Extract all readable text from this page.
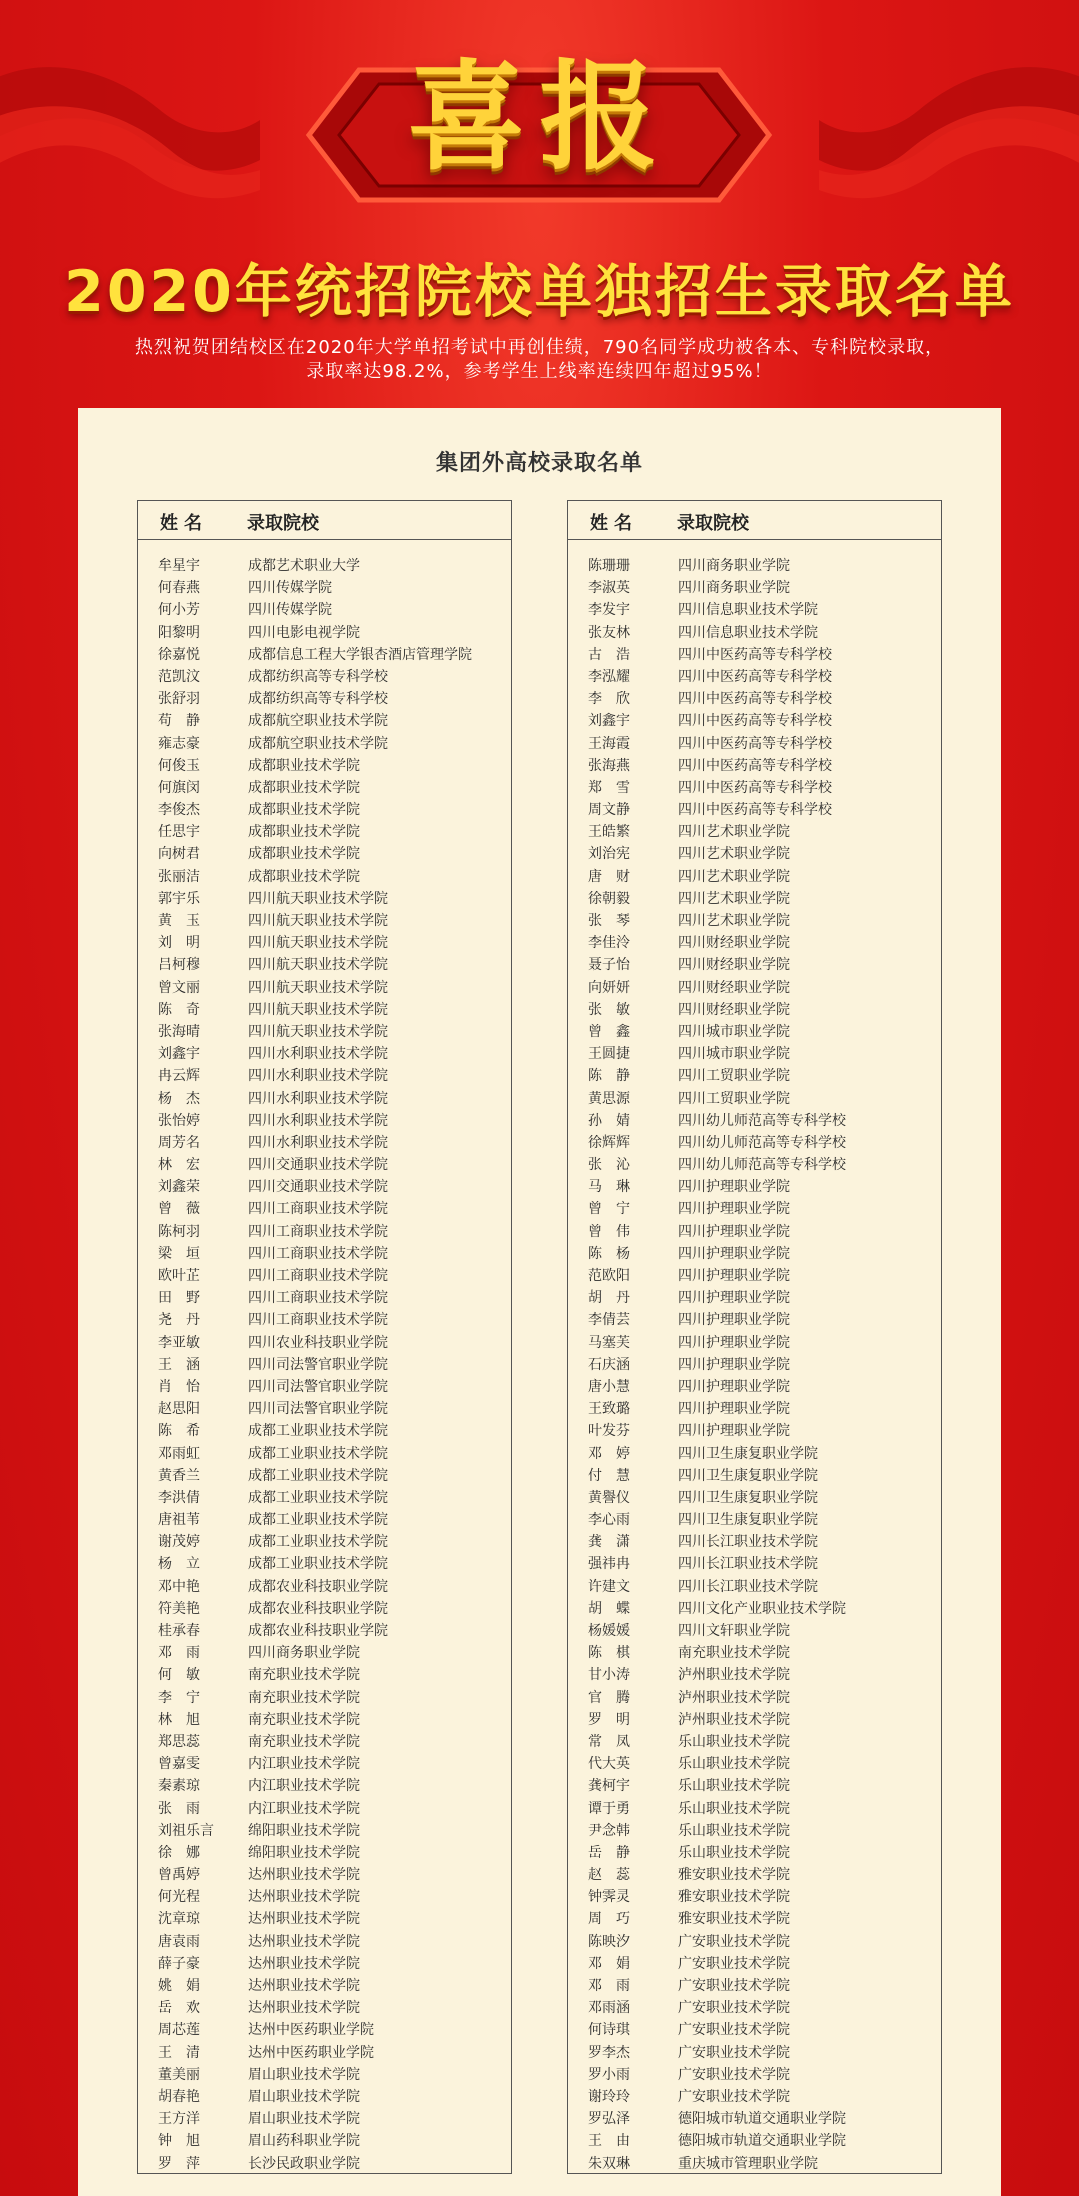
喜报
2020年统招院校单独招生录取名单
热烈祝贺团结校区在2020年大学单招考试中再创佳绩，790名同学成功被各本、专科院校录取，
录取率达98.2%，参考学生上线率连续四年超过95%！
集团外高校录取名单
姓名 录取院校
牟星宇	成都艺术职业大学
何春燕	四川传媒学院
何小芳	四川传媒学院
阳黎明	四川电影电视学院
徐嘉悦	成都信息工程大学银杏酒店管理学院
范凯汶	成都纺织高等专科学校
张舒羽	成都纺织高等专科学校
苟　静	成都航空职业技术学院
雍志豪	成都航空职业技术学院
何俊玉	成都职业技术学院
何旗闵	成都职业技术学院
李俊杰	成都职业技术学院
任思宇	成都职业技术学院
向树君	成都职业技术学院
张丽洁	成都职业技术学院
郭宇乐	四川航天职业技术学院
黄　玉	四川航天职业技术学院
刘　明	四川航天职业技术学院
吕柯穆	四川航天职业技术学院
曾文丽	四川航天职业技术学院
陈　奇	四川航天职业技术学院
张海晴	四川航天职业技术学院
刘鑫宇	四川水利职业技术学院
冉云辉	四川水利职业技术学院
杨　杰	四川水利职业技术学院
张怡婷	四川水利职业技术学院
周芳名	四川水利职业技术学院
林　宏	四川交通职业技术学院
刘鑫荣	四川交通职业技术学院
曾　薇	四川工商职业技术学院
陈柯羽	四川工商职业技术学院
梁　垣	四川工商职业技术学院
欧叶芷	四川工商职业技术学院
田　野	四川工商职业技术学院
尧　丹	四川工商职业技术学院
李亚敏	四川农业科技职业学院
王　涵	四川司法警官职业学院
肖　怡	四川司法警官职业学院
赵思阳	四川司法警官职业学院
陈　希	成都工业职业技术学院
邓雨虹	成都工业职业技术学院
黄香兰	成都工业职业技术学院
李洪倩	成都工业职业技术学院
唐祖苇	成都工业职业技术学院
谢茂婷	成都工业职业技术学院
杨　立	成都工业职业技术学院
邓中艳	成都农业科技职业学院
符美艳	成都农业科技职业学院
桂承春	成都农业科技职业学院
邓　雨	四川商务职业学院
何　敏	南充职业技术学院
李　宁	南充职业技术学院
林　旭	南充职业技术学院
郑思蕊	南充职业技术学院
曾嘉雯	内江职业技术学院
秦素琼	内江职业技术学院
张　雨	内江职业技术学院
刘祖乐言 绵阳职业技术学院
徐　娜	绵阳职业技术学院
曾禹婷	达州职业技术学院
何光程	达州职业技术学院
沈章琼	达州职业技术学院
唐袁雨	达州职业技术学院
薛子豪	达州职业技术学院
姚　娟	达州职业技术学院
岳　欢	达州职业技术学院
周芯莲	达州中医药职业学院
王　清	达州中医药职业学院
董美丽	眉山职业技术学院
胡春艳	眉山职业技术学院
王方洋	眉山职业技术学院
钟　旭	眉山药科职业学院
罗　萍	长沙民政职业学院
姓名 录取院校
陈珊珊	四川商务职业学院
李淑英	四川商务职业学院
李发宇	四川信息职业技术学院
张友林	四川信息职业技术学院
古　浩	四川中医药高等专科学校
李泓耀	四川中医药高等专科学校
李　欣	四川中医药高等专科学校
刘鑫宇	四川中医药高等专科学校
王海霞	四川中医药高等专科学校
张海燕	四川中医药高等专科学校
郑　雪	四川中医药高等专科学校
周文静	四川中医药高等专科学校
王皓繁	四川艺术职业学院
刘治宪	四川艺术职业学院
唐　财	四川艺术职业学院
徐朝毅	四川艺术职业学院
张　琴	四川艺术职业学院
李佳泠	四川财经职业学院
聂子怡	四川财经职业学院
向妍妍	四川财经职业学院
张　敏	四川财经职业学院
曾　鑫	四川城市职业学院
王圆捷	四川城市职业学院
陈　静	四川工贸职业学院
黄思源	四川工贸职业学院
孙　婧	四川幼儿师范高等专科学校
徐辉辉	四川幼儿师范高等专科学校
张　沁	四川幼儿师范高等专科学校
马　琳	四川护理职业学院
曾　宁	四川护理职业学院
曾　伟	四川护理职业学院
陈　杨	四川护理职业学院
范欧阳	四川护理职业学院
胡　丹	四川护理职业学院
李倩芸	四川护理职业学院
马塞芙	四川护理职业学院
石庆涵	四川护理职业学院
唐小慧	四川护理职业学院
王致璐	四川护理职业学院
叶发芬	四川护理职业学院
邓　婷	四川卫生康复职业学院
付　慧	四川卫生康复职业学院
黄譽仪	四川卫生康复职业学院
李心雨	四川卫生康复职业学院
龚　潇	四川长江职业技术学院
强祎冉	四川长江职业技术学院
许建文	四川长江职业技术学院
胡　蝶	四川文化产业职业技术学院
杨媛媛	四川文轩职业学院
陈　棋	南充职业技术学院
甘小涛	泸州职业技术学院
官　腾	泸州职业技术学院
罗　明	泸州职业技术学院
常　凤	乐山职业技术学院
代大英	乐山职业技术学院
龚柯宇	乐山职业技术学院
谭于勇	乐山职业技术学院
尹念韩	乐山职业技术学院
岳　静	乐山职业技术学院
赵　蕊	雅安职业技术学院
钟霁灵	雅安职业技术学院
周　巧	雅安职业技术学院
陈映汐	广安职业技术学院
邓　娟	广安职业技术学院
邓　雨	广安职业技术学院
邓雨涵	广安职业技术学院
何诗琪	广安职业技术学院
罗李杰	广安职业技术学院
罗小雨	广安职业技术学院
谢玲玲	广安职业技术学院
罗弘泽	德阳城市轨道交通职业学院
王　由	德阳城市轨道交通职业学院
朱双琳	重庆城市管理职业学院
